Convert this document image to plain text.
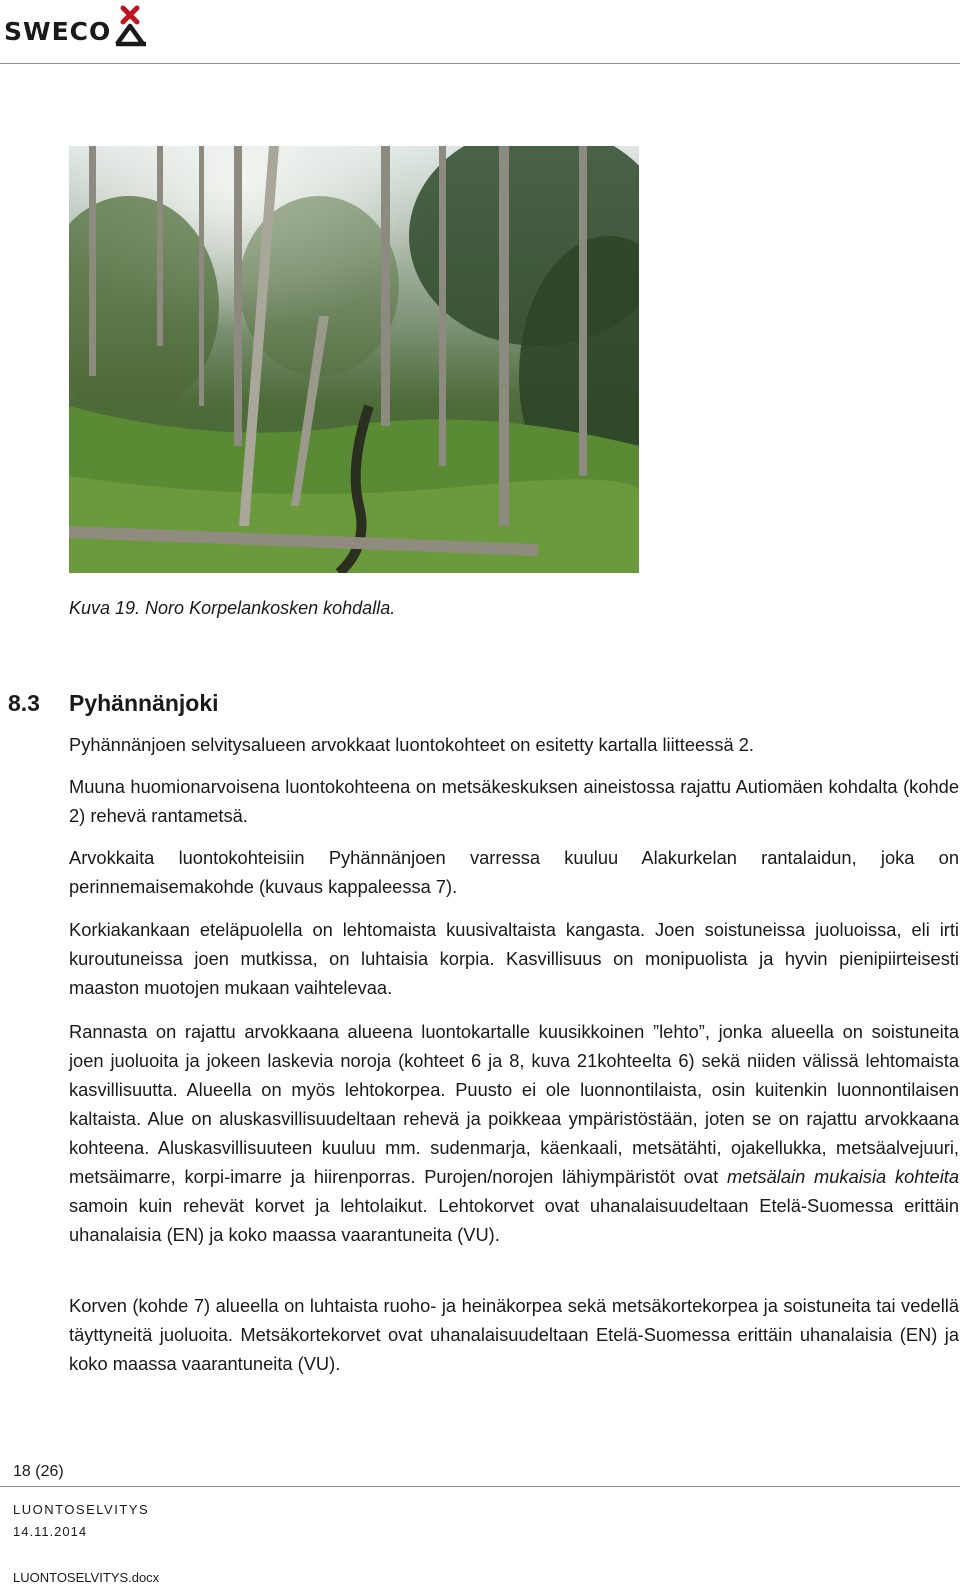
SWECO
Kuva 19. Noro Korpelankosken kohdalla.
8.3 Pyhännänjoki

Pyhännänjoen selvitysalueen arvokkaat luontokohteet on esitetty kartalla liitteessä 2.

Muuna huomionarvoisena luontokohteena on metsäkeskuksen aineistossa rajattu Autiomäen kohdalta (kohde 2) rehevä rantametsä.

Arvokkaita luontokohteisiin Pyhännänjoen varressa kuuluu Alakurkelan rantalaidun, joka on perinnemaisemakohde (kuvaus kappaleessa 7).

Korkiakankaan eteläpuolella on lehtomaista kuusivaltaista kangasta. Joen soistuneissa juoluoissa, eli irti kuroutuneissa joen mutkissa, on luhtaisia korpia. Kasvillisuus on monipuolista ja hyvin pienipiirteisesti maaston muotojen mukaan vaihtelevaa.

Rannasta on rajattu arvokkaana alueena luontokartalle kuusikkoinen ”lehto”, jonka alueella on soistuneita joen juoluoita ja jokeen laskevia noroja (kohteet 6 ja 8, kuva 21kohteelta 6) sekä niiden välissä lehtomaista kasvillisuutta. Alueella on myös lehtokorpea. Puusto ei ole luonnontilaista, osin kuitenkin luonnontilaisen kaltaista. Alue on aluskasvillisuudeltaan rehevä ja poikkeaa ympäristöstään, joten se on rajattu arvokkaana kohteena. Aluskasvillisuuteen kuuluu mm. sudenmarja, käenkaali, metsätähti, ojakellukka, metsäalvejuuri, metsäimarre, korpi-imarre ja hiirenporras. Purojen/norojen lähiympäristöt ovat metsälain mukaisia kohteita samoin kuin rehevät korvet ja lehtolaikut. Lehtokorvet ovat uhanalaisuudeltaan Etelä-Suomessa erittäin uhanalaisia (EN) ja koko maassa vaarantuneita (VU).

Korven (kohde 7) alueella on luhtaista ruoho- ja heinäkorpea sekä metsäkortekorpea ja soistuneita tai vedellä täyttyneitä juoluoita. Metsäkortekorvet ovat uhanalaisuudeltaan Etelä-Suomessa erittäin uhanalaisia (EN) ja koko maassa vaarantuneita (VU).

18 (26)
LUONTOSELVITYS
14.11.2014
LUONTOSELVITYS.docx
